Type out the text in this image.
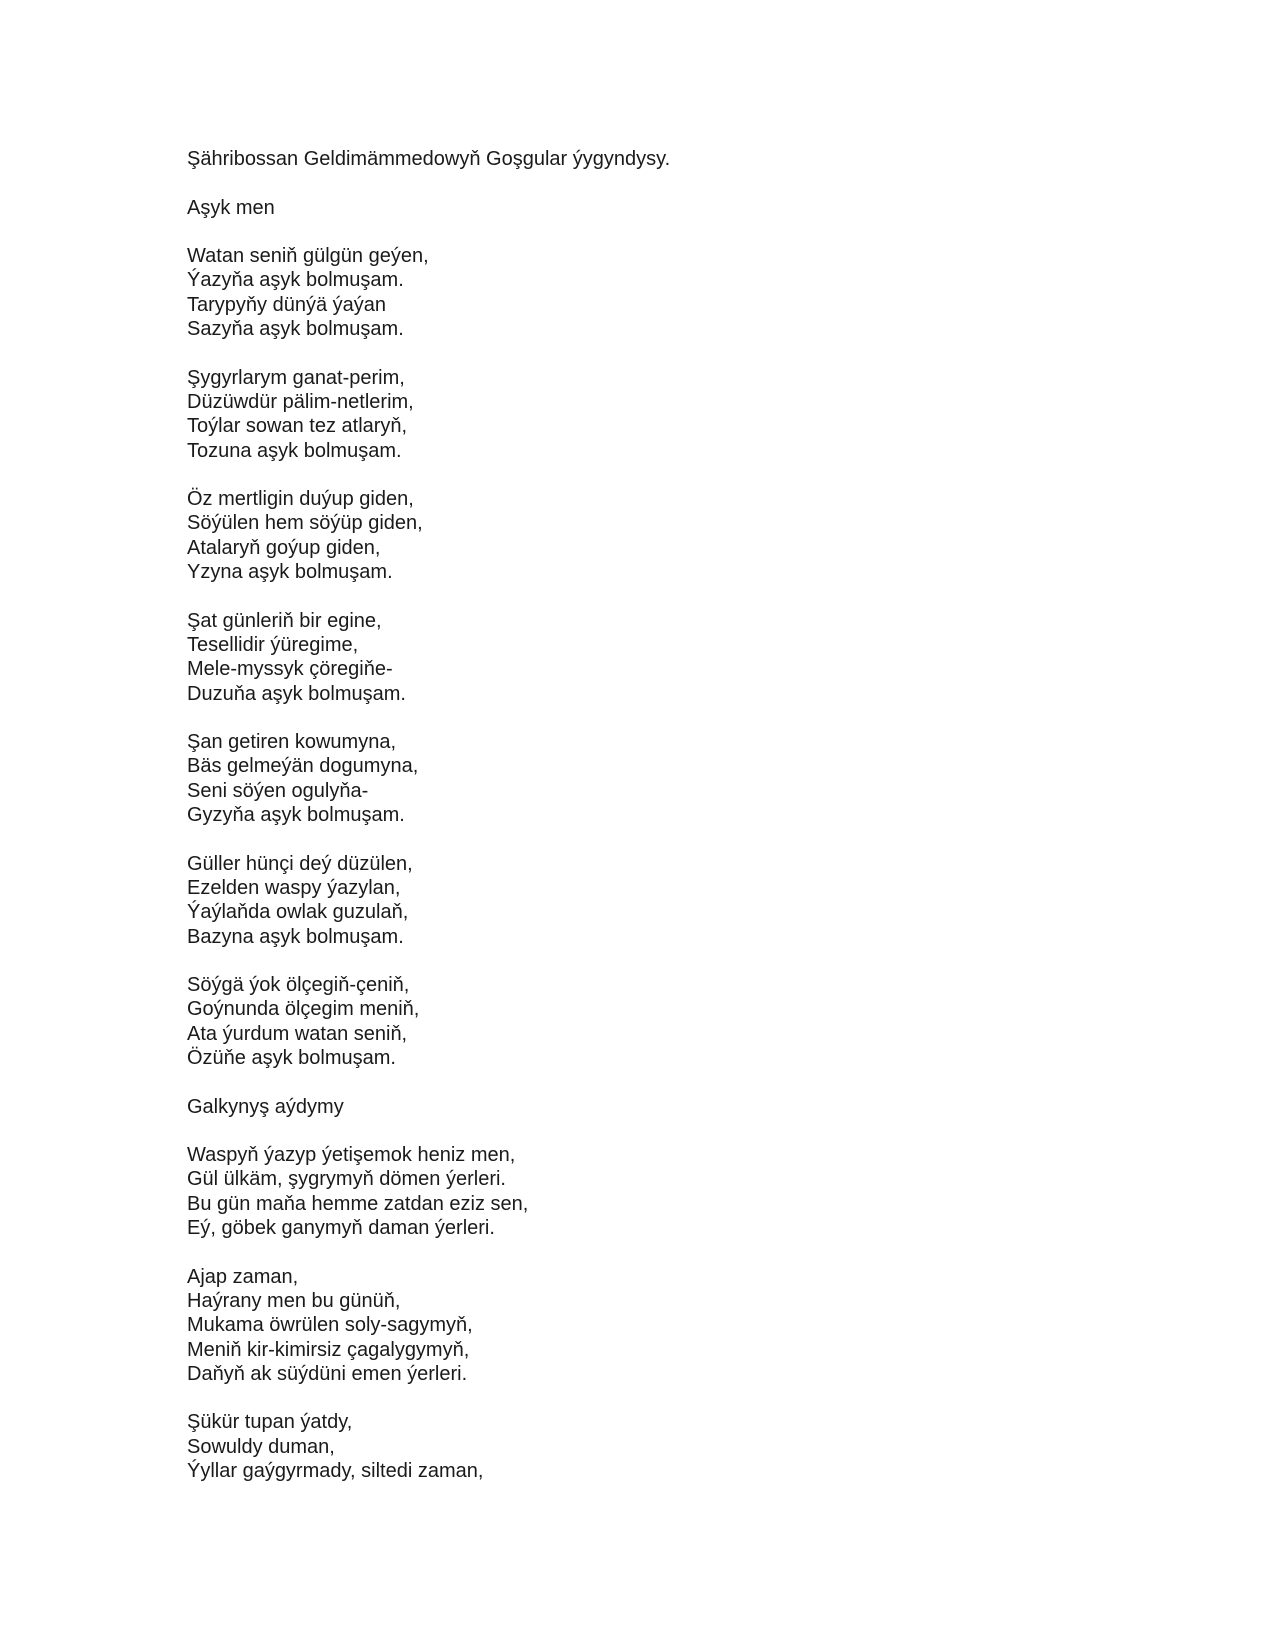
Şähribossan Geldimämmedowyň Goşgular ýygyndysy.
Aşyk men
Watan seniň gülgün geýen,
Ýazyňa aşyk bolmuşam.
Tarypyňy dünýä ýaýan
Sazyňa aşyk bolmuşam.
Şygyrlarym ganat-perim,
Düzüwdür pälim-netlerim,
Toýlar sowan tez atlaryň,
Tozuna aşyk bolmuşam.
Öz mertligin duýup giden,
Söýülen hem söýüp giden,
Atalaryň goýup giden,
Yzyna aşyk bolmuşam.
Şat günleriň bir egine,
Tesellidir ýüregime,
Mele-myssyk çöregiňe-
Duzuňa aşyk bolmuşam.
Şan getiren kowumyna,
Bäs gelmeýän dogumyna,
Seni söýen ogulyňa-
Gyzyňa aşyk bolmuşam.
Güller hünçi deý düzülen,
Ezelden waspy ýazylan,
Ýaýlaňda owlak guzulaň,
Bazyna aşyk bolmuşam.
Söýgä ýok ölçegiň-çeniň,
Goýnunda ölçegim meniň,
Ata ýurdum watan seniň,
Özüňe aşyk bolmuşam.
Galkynyş aýdymy
Waspyň ýazyp ýetişemok heniz men,
Gül ülkäm, şygrymyň dömen ýerleri.
Bu gün maňa hemme zatdan eziz sen,
Eý, göbek ganymyň daman ýerleri.
Ajap zaman,
Haýrany men bu günüň,
Mukama öwrülen soly-sagymyň,
Meniň kir-kimirsiz çagalygymyň,
Daňyň ak süýdüni emen ýerleri.
Şükür tupan ýatdy,
Sowuldy duman,
Ýyllar gaýgyrmady, siltedi zaman,
